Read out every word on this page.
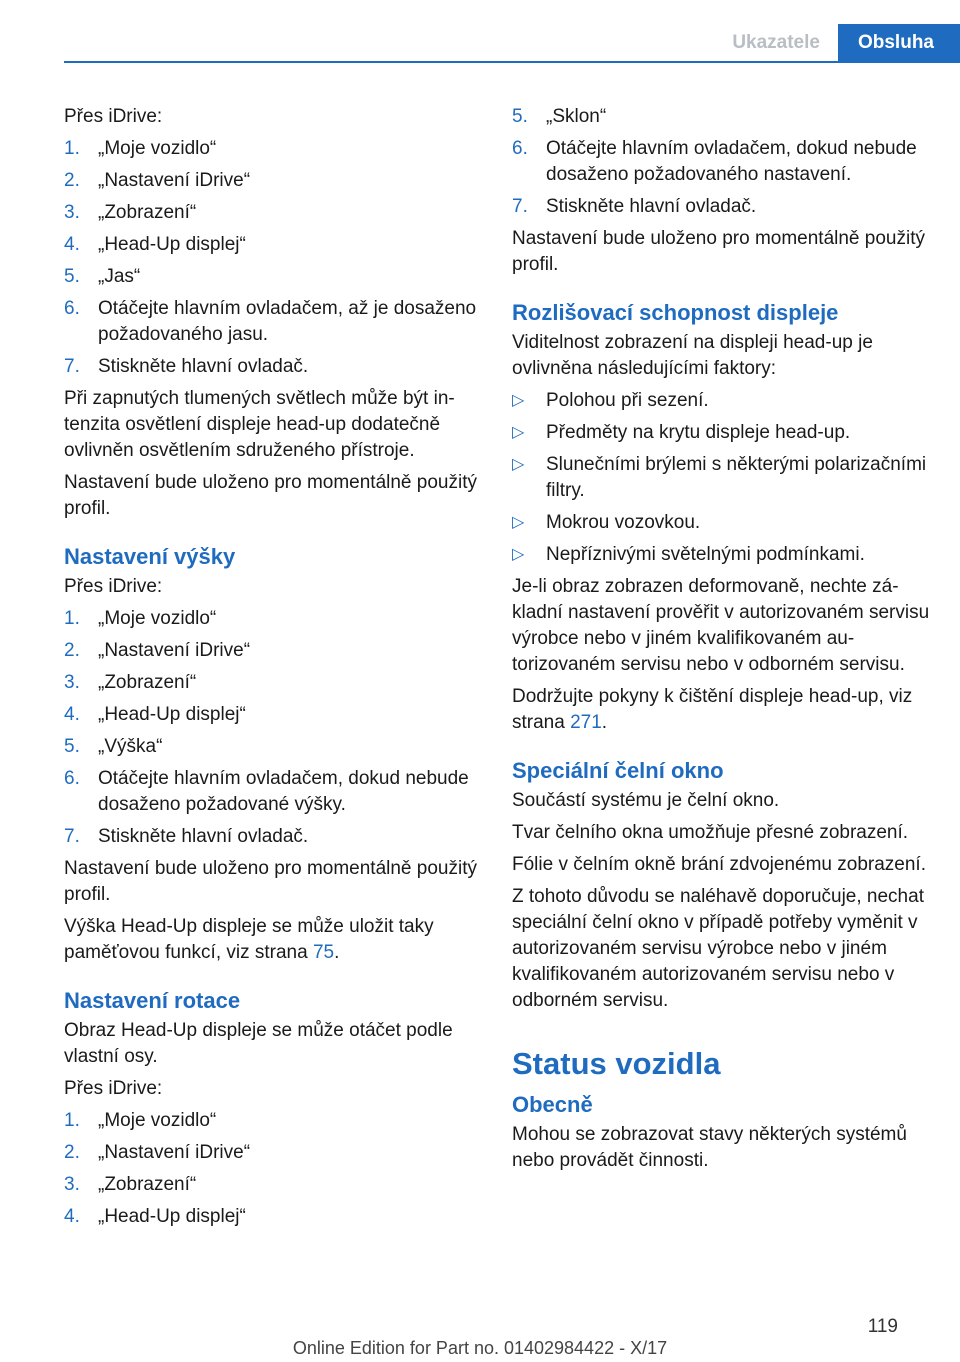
Ukazatele	Obsluha

Přes iDrive:

1. „Moje vozidlo“
2. „Nastavení iDrive“
3. „Zobrazení“
4. „Head-Up displej“
5. „Jas“
6. Otáčejte hlavním ovladačem, až je dosaženo požadovaného jasu.
7. Stiskněte hlavní ovladač.

Při zapnutých tlumených světlech může být intenzita osvětlení displeje head-up dodatečně ovlivněn osvětlením sdruženého přístroje.

Nastavení bude uloženo pro momentálně použitý profil.

Nastavení výšky

Přes iDrive:

1. „Moje vozidlo“
2. „Nastavení iDrive“
3. „Zobrazení“
4. „Head-Up displej“
5. „Výška“
6. Otáčejte hlavním ovladačem, dokud nebude dosaženo požadované výšky.
7. Stiskněte hlavní ovladač.

Nastavení bude uloženo pro momentálně použitý profil.

Výška Head-Up displeje se může uložit taky paměťovou funkcí, viz strana 75.

Nastavení rotace

Obraz Head-Up displeje se může otáčet podle vlastní osy.

Přes iDrive:

1. „Moje vozidlo“
2. „Nastavení iDrive“
3. „Zobrazení“
4. „Head-Up displej“
5. „Sklon“
6. Otáčejte hlavním ovladačem, dokud nebude dosaženo požadovaného nastavení.
7. Stiskněte hlavní ovladač.

Nastavení bude uloženo pro momentálně použitý profil.

Rozlišovací schopnost displeje

Viditelnost zobrazení na displeji head-up je ovlivněna následujícími faktory:

▷	Polohou při sezení.
▷	Předměty na krytu displeje head-up.
▷	Slunečními brýlemi s některými polarizačními filtry.
▷	Mokrou vozovkou.
▷	Nepříznivými světelnými podmínkami.

Je-li obraz zobrazen deformovaně, nechte základní nastavení prověřit v autorizovaném servisu výrobce nebo v jiném kvalifikovaném autorizovaném servisu nebo v odborném servisu.

Dodržujte pokyny k čištění displeje head-up, viz strana 271.

Speciální čelní okno

Součástí systému je čelní okno.

Tvar čelního okna umožňuje přesné zobrazení.

Fólie v čelním okně brání zdvojenému zobrazení.

Z tohoto důvodu se naléhavě doporučuje, nechat speciální čelní okno v případě potřeby vyměnit v autorizovaném servisu výrobce nebo v jiném kvalifikovaném autorizovaném servisu nebo v odborném servisu.

Status vozidla
Obecně

Mohou se zobrazovat stavy některých systémů nebo provádět činnosti.

119
Online Edition for Part no. 01402984422 - X/17
